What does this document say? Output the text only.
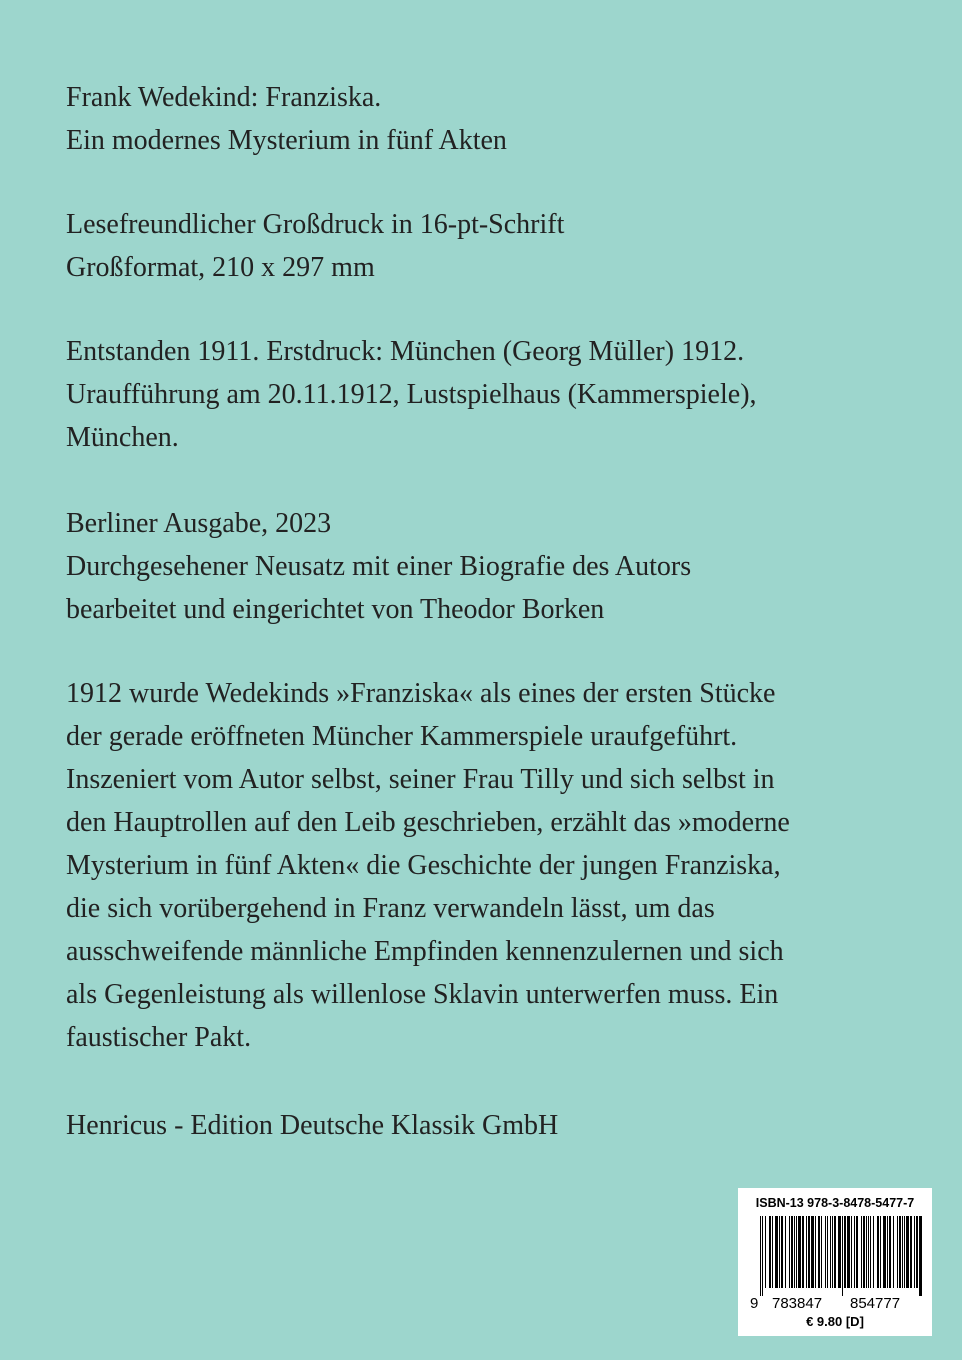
Frank Wedekind: Franziska.
Ein modernes Mysterium in fünf Akten
Lesefreundlicher Großdruck in 16-pt-Schrift
Großformat, 210 x 297 mm
Entstanden 1911. Erstdruck: München (Georg Müller) 1912.
Uraufführung am 20.11.1912, Lustspielhaus (Kammerspiele),
München.
Berliner Ausgabe, 2023
Durchgesehener Neusatz mit einer Biografie des Autors
bearbeitet und eingerichtet von Theodor Borken
1912 wurde Wedekinds »Franziska« als eines der ersten Stücke
der gerade eröffneten Müncher Kammerspiele uraufgeführt.
Inszeniert vom Autor selbst, seiner Frau Tilly und sich selbst in
den Hauptrollen auf den Leib geschrieben, erzählt das »moderne
Mysterium in fünf Akten« die Geschichte der jungen Franziska,
die sich vorübergehend in Franz verwandeln lässt, um das
ausschweifende männliche Empfinden kennenzulernen und sich
als Gegenleistung als willenlose Sklavin unterwerfen muss. Ein
faustischer Pakt.
Henricus - Edition Deutsche Klassik GmbH
ISBN-13 978-3-8478-5477-7
9 783847 854777
€ 9.80 [D]
